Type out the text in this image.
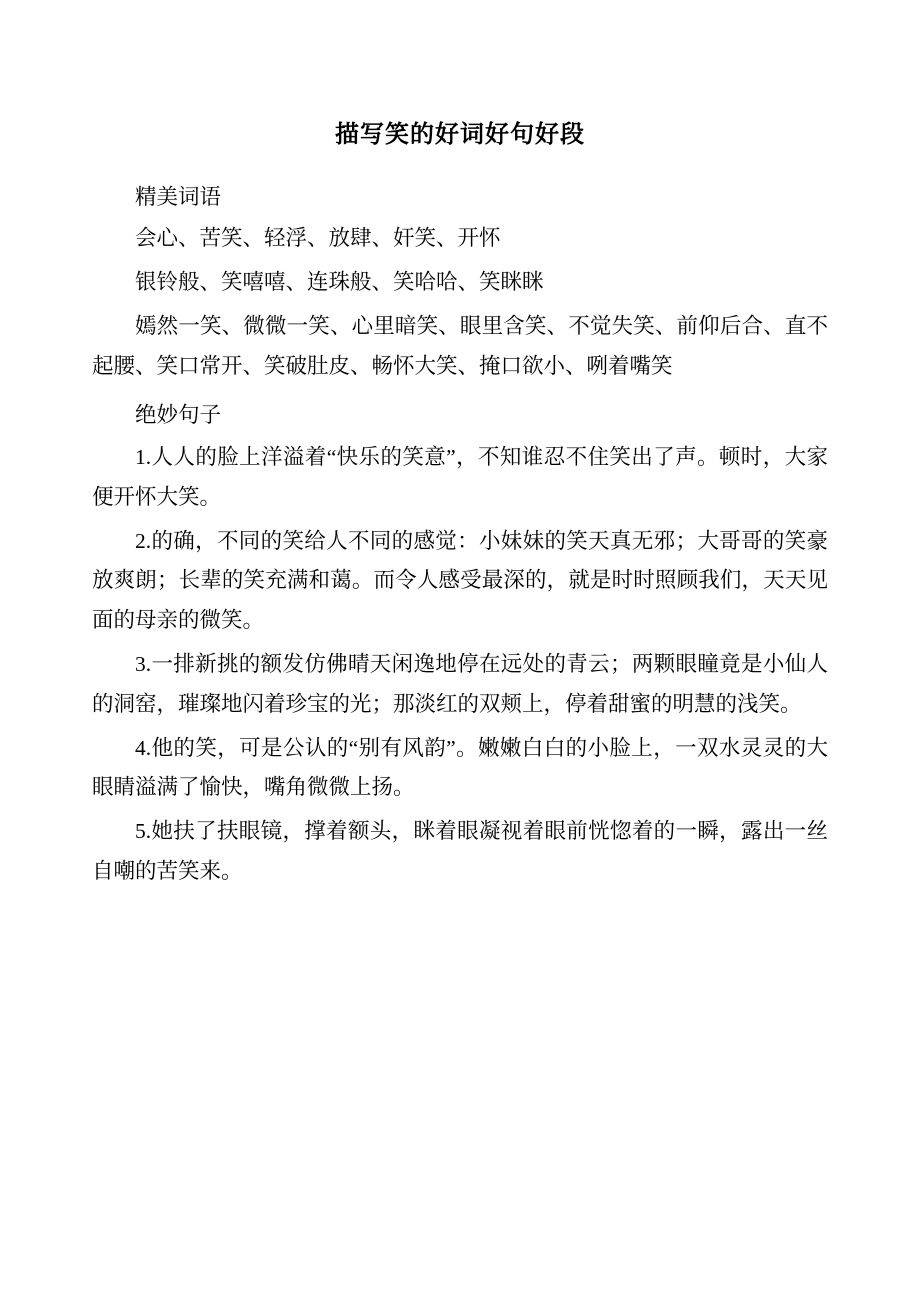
描写笑的好词好句好段

精美词语

会心、苦笑、轻浮、放肆、奸笑、开怀

银铃般、笑嘻嘻、连珠般、笑哈哈、笑眯眯

嫣然一笑、微微一笑、心里暗笑、眼里含笑、不觉失笑、前仰后合、直不起腰、笑口常开、笑破肚皮、畅怀大笑、掩口欲小、咧着嘴笑

绝妙句子

1.人人的脸上洋溢着“快乐的笑意”，不知谁忍不住笑出了声。顿时，大家便开怀大笑。

2.的确，不同的笑给人不同的感觉：小妹妹的笑天真无邪；大哥哥的笑豪放爽朗；长辈的笑充满和蔼。而令人感受最深的，就是时时照顾我们，天天见面的母亲的微笑。

3.一排新挑的额发仿佛晴天闲逸地停在远处的青云；两颗眼瞳竟是小仙人的洞窑，璀璨地闪着珍宝的光；那淡红的双颊上，停着甜蜜的明慧的浅笑。

4.他的笑，可是公认的“别有风韵”。嫩嫩白白的小脸上，一双水灵灵的大眼睛溢满了愉快，嘴角微微上扬。

5.她扶了扶眼镜，撑着额头，眯着眼凝视着眼前恍惚着的一瞬，露出一丝自嘲的苦笑来。
